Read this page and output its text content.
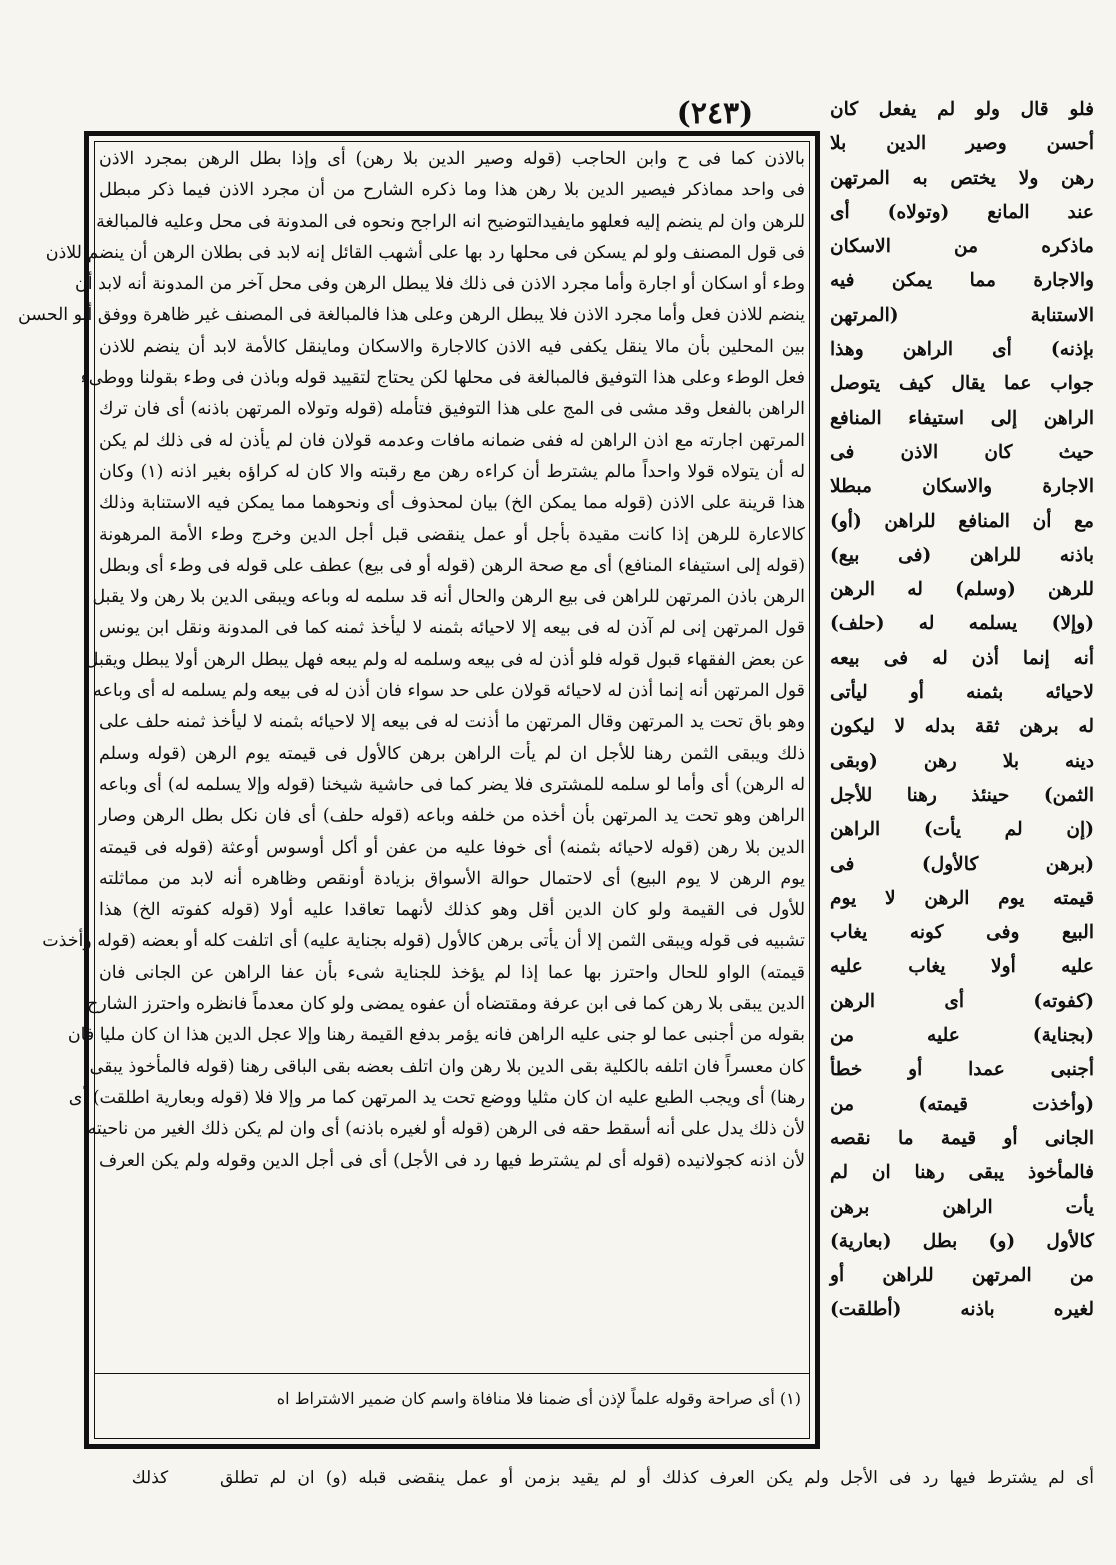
(٢٤٣)	فلو قال ولو لم يفعل كان
أحسن وصير الدين بلا
رهن ولا يختص به المرتهن
عند المانع (وتولاه) أى
ماذكره من الاسكان
والاجارة مما يمكن فيه
الاستنابة (المرتهن
بإذنه) أى الراهن وهذا
جواب عما يقال كيف يتوصل
الراهن إلى استيفاء المنافع
حيث كان الاذن فى
الاجارة والاسكان مبطلا
مع أن المنافع للراهن (أو)
باذنه للراهن (فى بيع)
للرهن (وسلم) له الرهن
(وإلا) يسلمه له (حلف)
أنه إنما أذن له فى بيعه
لاحيائه بثمنه أو ليأتى
له برهن ثقة بدله لا ليكون
دينه بلا رهن (وبقى
الثمن) حينئذ رهنا للأجل
(إن لم يأت) الراهن
(برهن كالأول) فى
قيمته يوم الرهن لا يوم
البيع وفى كونه يغاب
عليه أولا يغاب عليه
(كفوته) أى الرهن
(بجناية) عليه من
أجنبى عمدا أو خطأ
(وأخذت قيمته) من
الجانى أو قيمة ما نقصه
فالمأخوذ يبقى رهنا ان لم
يأت الراهن برهن
كالأول (و) بطل (بعارية)
من المرتهن للراهن أو
لغيره باذنه (أطلقت)
بالاذن كما فى ح وابن الحاجب (قوله وصير الدين بلا رهن) أى وإذا بطل الرهن بمجرد الاذن
فى واحد مماذكر فيصير الدين بلا رهن هذا وما ذكره الشارح من أن مجرد الاذن فيما ذكر مبطل
للرهن وان لم ينضم إليه فعلهو مايفيدالتوضيح انه الراجح ونحوه فى المدونة فى محل وعليه فالمبالغة
فى قول المصنف ولو لم يسكن فى محلها رد بها على أشهب القائل إنه لابد فى بطلان الرهن أن ينضم للاذن
وطء أو اسكان أو اجارة وأما مجرد الاذن فى ذلك فلا يبطل الرهن وفى محل آخر من المدونة أنه لابد أن
ينضم للاذن فعل وأما مجرد الاذن فلا يبطل الرهن وعلى هذا فالمبالغة فى المصنف غير ظاهرة ووفق أبو الحسن
بين المحلين بأن مالا ينقل يكفى فيه الاذن كالاجارة والاسكان وماينقل كالأمة لابد أن ينضم للاذن
فعل الوطء وعلى هذا التوفيق فالمبالغة فى محلها لكن يحتاج لتقييد قوله وباذن فى وطء بقولنا ووطىء
الراهن بالفعل وقد مشى فى المج على هذا التوفيق فتأمله (قوله وتولاه المرتهن باذنه) أى فان ترك
المرتهن اجارته مع اذن الراهن له ففى ضمانه مافات وعدمه قولان فان لم يأذن له فى ذلك لم يكن
له أن يتولاه قولا واحداً مالم يشترط أن كراءه رهن مع رقبته والا كان له كراؤه بغير اذنه (١) وكان
هذا قرينة على الاذن (قوله مما يمكن الخ) بيان لمحذوف أى ونحوهما مما يمكن فيه الاستنابة وذلك
كالاعارة للرهن إذا كانت مقيدة بأجل أو عمل ينقضى قبل أجل الدين وخرج وطء الأمة المرهونة
(قوله إلى استيفاء المنافع) أى مع صحة الرهن (قوله أو فى بيع) عطف على قوله فى وطء أى وبطل
الرهن باذن المرتهن للراهن فى بيع الرهن والحال أنه قد سلمه له وباعه ويبقى الدين بلا رهن ولا يقبل
قول المرتهن إنى لم آذن له فى بيعه إلا لاحيائه بثمنه لا ليأخذ ثمنه كما فى المدونة ونقل ابن يونس
عن بعض الفقهاء قبول قوله فلو أذن له فى بيعه وسلمه له ولم يبعه فهل يبطل الرهن أولا يبطل ويقبل
قول المرتهن أنه إنما أذن له لاحيائه قولان على حد سواء فان أذن له فى بيعه ولم يسلمه له أى وباعه
وهو باق تحت يد المرتهن وقال المرتهن ما أذنت له فى بيعه إلا لاحيائه بثمنه لا ليأخذ ثمنه حلف على
ذلك ويبقى الثمن رهنا للأجل ان لم يأت الراهن برهن كالأول فى قيمته يوم الرهن (قوله وسلم
له الرهن) أى وأما لو سلمه للمشترى فلا يضر كما فى حاشية شيخنا (قوله وإلا يسلمه له) أى وباعه
الراهن وهو تحت يد المرتهن بأن أخذه من خلفه وباعه (قوله حلف) أى فان نكل بطل الرهن وصار
الدين بلا رهن (قوله لاحيائه بثمنه) أى خوفا عليه من عفن أو أكل أوسوس أوعثة (قوله فى قيمته
يوم الرهن لا يوم البيع) أى لاحتمال حوالة الأسواق بزيادة أونقص وظاهره أنه لابد من مماثلته
للأول فى القيمة ولو كان الدين أقل وهو كذلك لأنهما تعاقدا عليه أولا (قوله كفوته الخ) هذا
تشبيه فى قوله ويبقى الثمن إلا أن يأتى برهن كالأول (قوله بجناية عليه) أى اتلفت كله أو بعضه (قوله وأخذت
قيمته) الواو للحال واحترز بها عما إذا لم يؤخذ للجناية شىء بأن عفا الراهن عن الجانى فان
الدين يبقى بلا رهن كما فى ابن عرفة ومقتضاه أن عفوه يمضى ولو كان معدماً فانظره واحترز الشارح
بقوله من أجنبى عما لو جنى عليه الراهن فانه يؤمر بدفع القيمة رهنا وإلا عجل الدين هذا ان كان مليا فان
كان معسراً فان اتلفه بالكلية بقى الدين بلا رهن وان اتلف بعضه بقى الباقى رهنا (قوله فالمأخوذ يبقى
رهنا) أى ويجب الطبع عليه ان كان مثليا ووضع تحت يد المرتهن كما مر وإلا فلا (قوله وبعارية اطلقت) أى
لأن ذلك يدل على أنه أسقط حقه فى الرهن (قوله أو لغيره باذنه) أى وان لم يكن ذلك الغير من ناحيته
لأن اذنه كجولانيده (قوله أى لم يشترط فيها رد فى الأجل) أى فى أجل الدين وقوله ولم يكن العرف
(١) أى صراحة وقوله علماً لإذن أى ضمنا فلا منافاة واسم كان ضمير الاشتراط اه
أى لم يشترط فيها رد فى الأجل ولم يكن العرف كذلك أو لم يقيد بزمن أو عمل ينقضى قبله (و) ان لم تطلق
كذلك
